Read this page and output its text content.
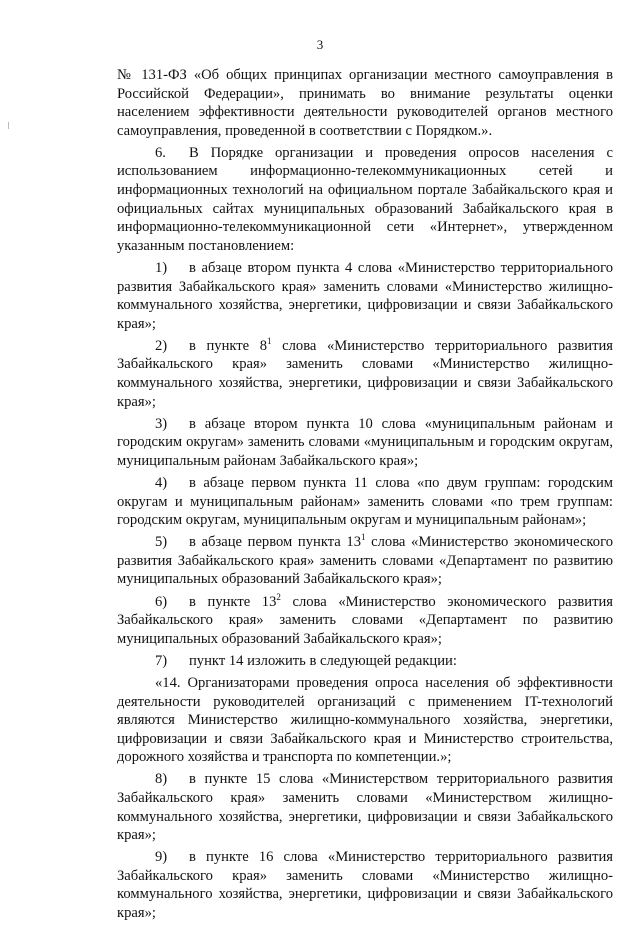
3

№ 131-ФЗ «Об общих принципах организации местного самоуправления в Российской Федерации», принимать во внимание результаты оценки населением эффективности деятельности руководителей органов местного самоуправления, проведенной в соответствии с Порядком.».

6. В Порядке организации и проведения опросов населения с использованием информационно-телекоммуникационных сетей и информационных технологий на официальном портале Забайкальского края и официальных сайтах муниципальных образований Забайкальского края в информационно-телекоммуникационной сети «Интернет», утвержденном указанным постановлением:

1) в абзаце втором пункта 4 слова «Министерство территориального развития Забайкальского края» заменить словами «Министерство жилищно-коммунального хозяйства, энергетики, цифровизации и связи Забайкальского края»;

2) в пункте $8^1$ слова «Министерство территориального развития Забайкальского края» заменить словами «Министерство жилищно-коммунального хозяйства, энергетики, цифровизации и связи Забайкальского края»;

3) в абзаце втором пункта 10 слова «муниципальным районам и городским округам» заменить словами «муниципальным и городским округам, муниципальным районам Забайкальского края»;

4) в абзаце первом пункта 11 слова «по двум группам: городским округам и муниципальным районам» заменить словами «по трем группам: городским округам, муниципальным округам и муниципальным районам»;

5) в абзаце первом пункта $13^1$ слова «Министерство экономического развития Забайкальского края» заменить словами «Департамент по развитию муниципальных образований Забайкальского края»;

6) в пункте $13^2$ слова «Министерство экономического развития Забайкальского края» заменить словами «Департамент по развитию муниципальных образований Забайкальского края»;

7) пункт 14 изложить в следующей редакции:

«14. Организаторами проведения опроса населения об эффективности деятельности руководителей организаций с применением IT-технологий являются Министерство жилищно-коммунального хозяйства, энергетики, цифровизации и связи Забайкальского края и Министерство строительства, дорожного хозяйства и транспорта по компетенции.»;

8) в пункте 15 слова «Министерством территориального развития Забайкальского края» заменить словами «Министерством жилищно-коммунального хозяйства, энергетики, цифровизации и связи Забайкальского края»;

9) в пункте 16 слова «Министерство территориального развития Забайкальского края» заменить словами «Министерство жилищно-коммунального хозяйства, энергетики, цифровизации и связи Забайкальского края»;
